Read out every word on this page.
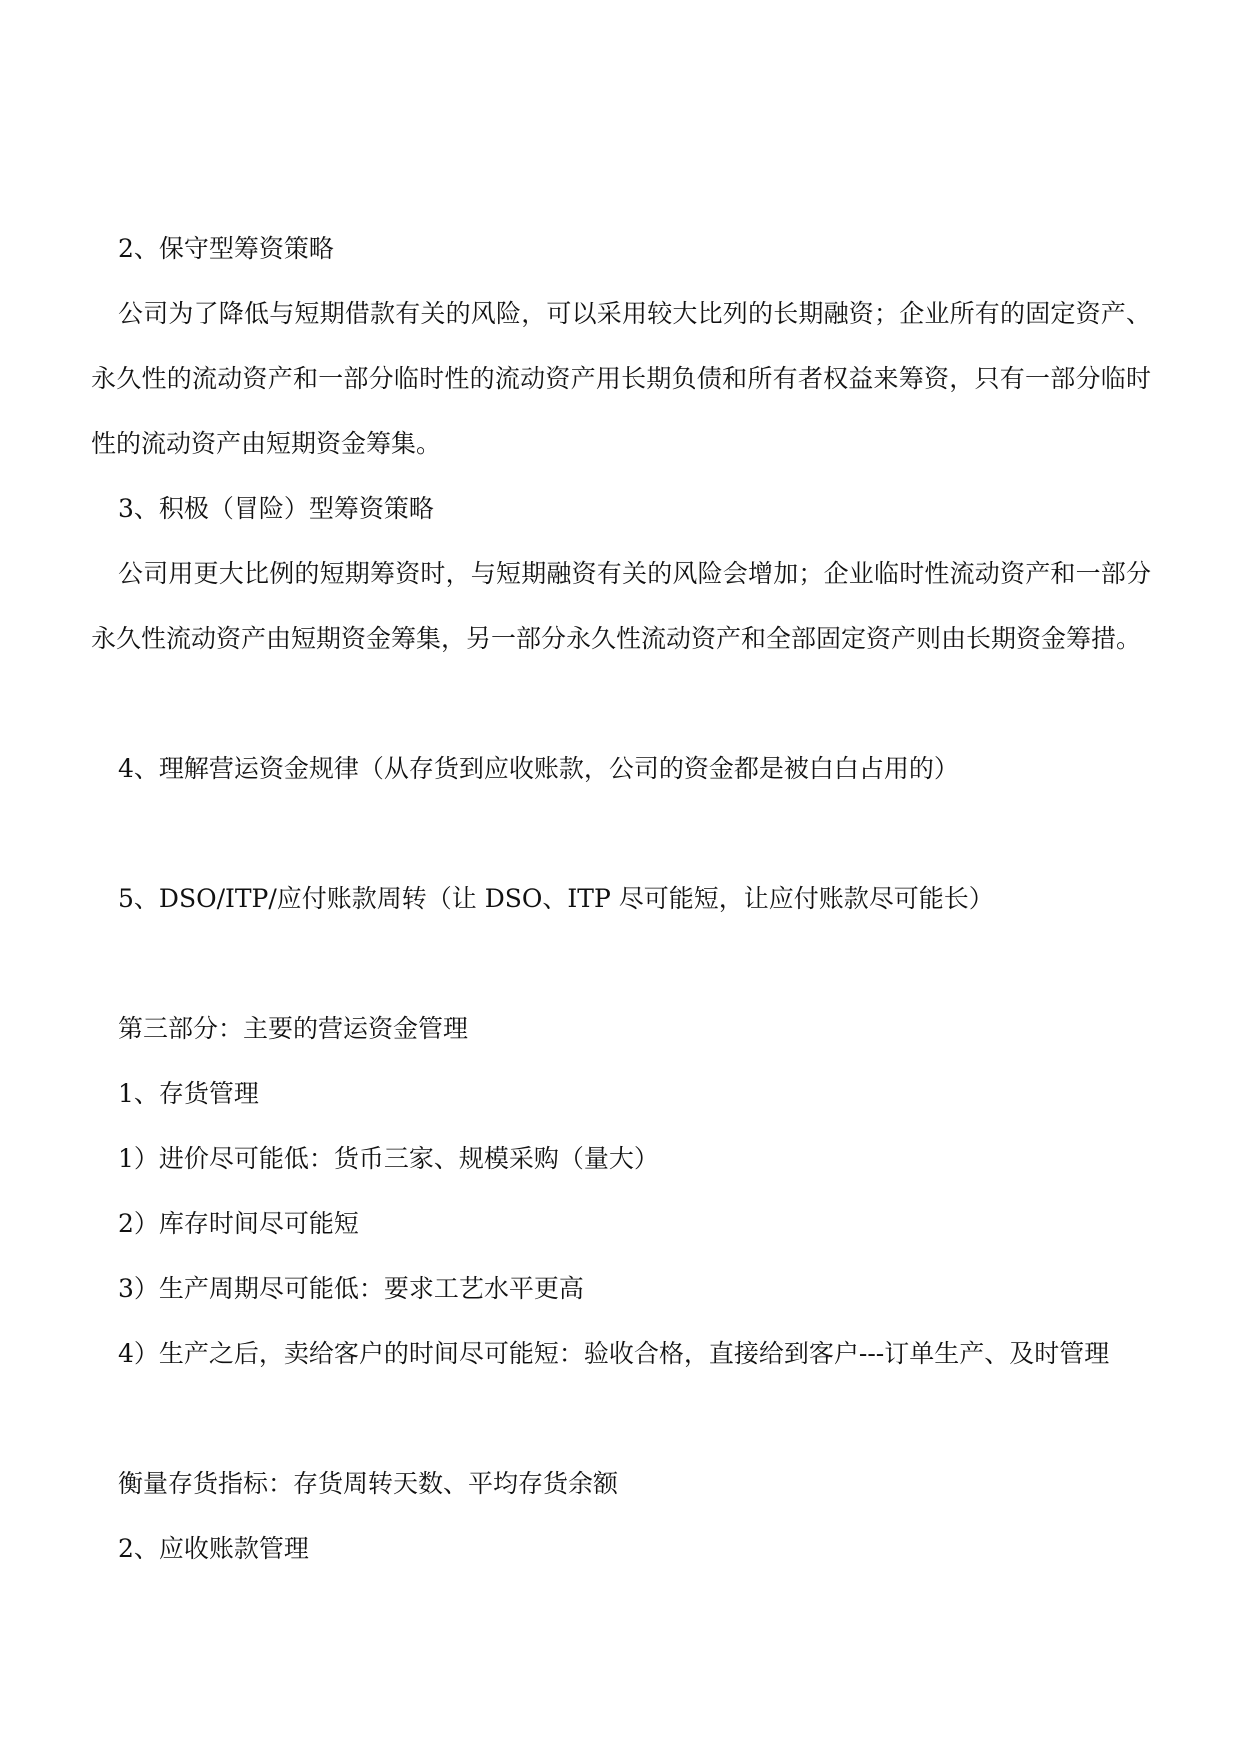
2、保守型筹资策略

公司为了降低与短期借款有关的风险，可以采用较大比列的长期融资；企业所有的固定资产、永久性的流动资产和一部分临时性的流动资产用长期负债和所有者权益来筹资，只有一部分临时性的流动资产由短期资金筹集。

3、积极（冒险）型筹资策略

公司用更大比例的短期筹资时，与短期融资有关的风险会增加；企业临时性流动资产和一部分永久性流动资产由短期资金筹集，另一部分永久性流动资产和全部固定资产则由长期资金筹措。

4、理解营运资金规律（从存货到应收账款，公司的资金都是被白白占用的）

5、DSO/ITP/应付账款周转（让 DSO、ITP 尽可能短，让应付账款尽可能长）

第三部分：主要的营运资金管理

1、存货管理

1）进价尽可能低：货币三家、规模采购（量大）

2）库存时间尽可能短

3）生产周期尽可能低：要求工艺水平更高

4）生产之后，卖给客户的时间尽可能短：验收合格，直接给到客户---订单生产、及时管理

衡量存货指标：存货周转天数、平均存货余额

2、应收账款管理
